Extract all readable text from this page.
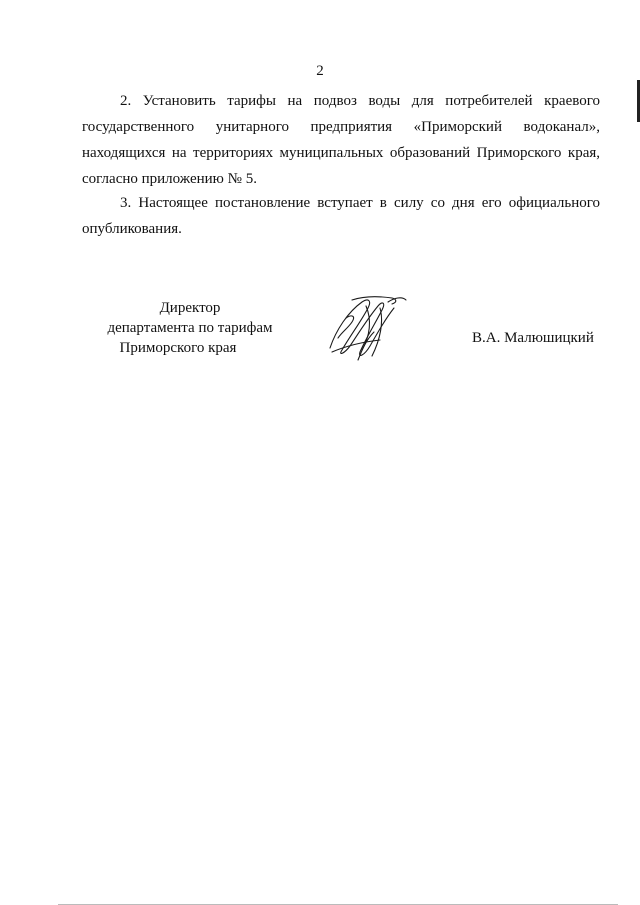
2

2. Установить тарифы на подвоз воды для потребителей краевого государственного унитарного предприятия «Приморский водоканал», находящихся на территориях муниципальных образований Приморского края, согласно приложению № 5.

3. Настоящее постановление вступает в силу со дня его официального опубликования.

Директор
департамента по тарифам
Приморского края
В.А. Малюшицкий
